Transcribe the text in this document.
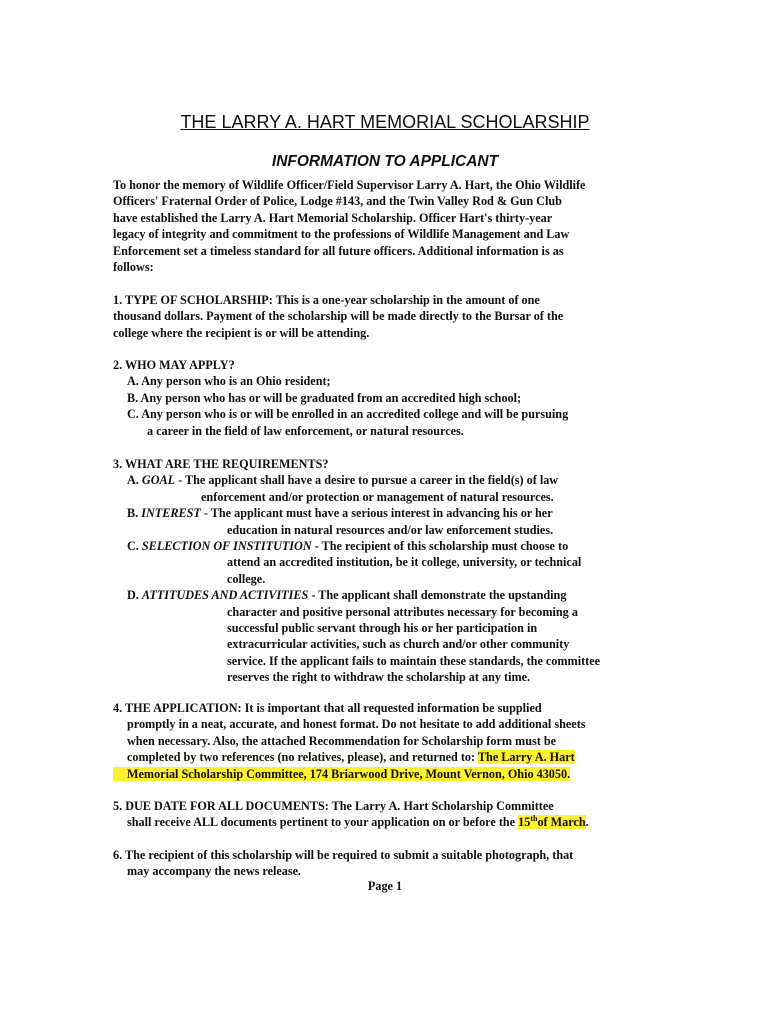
THE LARRY A. HART MEMORIAL SCHOLARSHIP
INFORMATION TO APPLICANT
To honor the memory of Wildlife Officer/Field Supervisor Larry A. Hart, the Ohio Wildlife
Officers' Fraternal Order of Police, Lodge #143, and the Twin Valley Rod & Gun Club
have established the Larry A. Hart Memorial Scholarship. Officer Hart's thirty-year
legacy of integrity and commitment to the professions of Wildlife Management and Law
Enforcement set a timeless standard for all future officers. Additional information is as
follows:
1. TYPE OF SCHOLARSHIP: This is a one-year scholarship in the amount of one
thousand dollars. Payment of the scholarship will be made directly to the Bursar of the
college where the recipient is or will be attending.
2. WHO MAY APPLY?
A. Any person who is an Ohio resident;
B. Any person who has or will be graduated from an accredited high school;
C. Any person who is or will be enrolled in an accredited college and will be pursuing
a career in the field of law enforcement, or natural resources.
3. WHAT ARE THE REQUIREMENTS?
A. GOAL - The applicant shall have a desire to pursue a career in the field(s) of law
enforcement and/or protection or management of natural resources.
B. INTEREST - The applicant must have a serious interest in advancing his or her
education in natural resources and/or law enforcement studies.
C. SELECTION OF INSTITUTION - The recipient of this scholarship must choose to
attend an accredited institution, be it college, university, or technical
college.
D. ATTITUDES AND ACTIVITIES - The applicant shall demonstrate the upstanding
character and positive personal attributes necessary for becoming a
successful public servant through his or her participation in
extracurricular activities, such as church and/or other community
service. If the applicant fails to maintain these standards, the committee
reserves the right to withdraw the scholarship at any time.
4. THE APPLICATION: It is important that all requested information be supplied
promptly in a neat, accurate, and honest format. Do not hesitate to add additional sheets
when necessary. Also, the attached Recommendation for Scholarship form must be
completed by two references (no relatives, please), and returned to: The Larry A. Hart
Memorial Scholarship Committee, 174 Briarwood Drive, Mount Vernon, Ohio 43050.
5. DUE DATE FOR ALL DOCUMENTS: The Larry A. Hart Scholarship Committee
shall receive ALL documents pertinent to your application on or before the 15thof March.
6. The recipient of this scholarship will be required to submit a suitable photograph, that
may accompany the news release.
Page 1
